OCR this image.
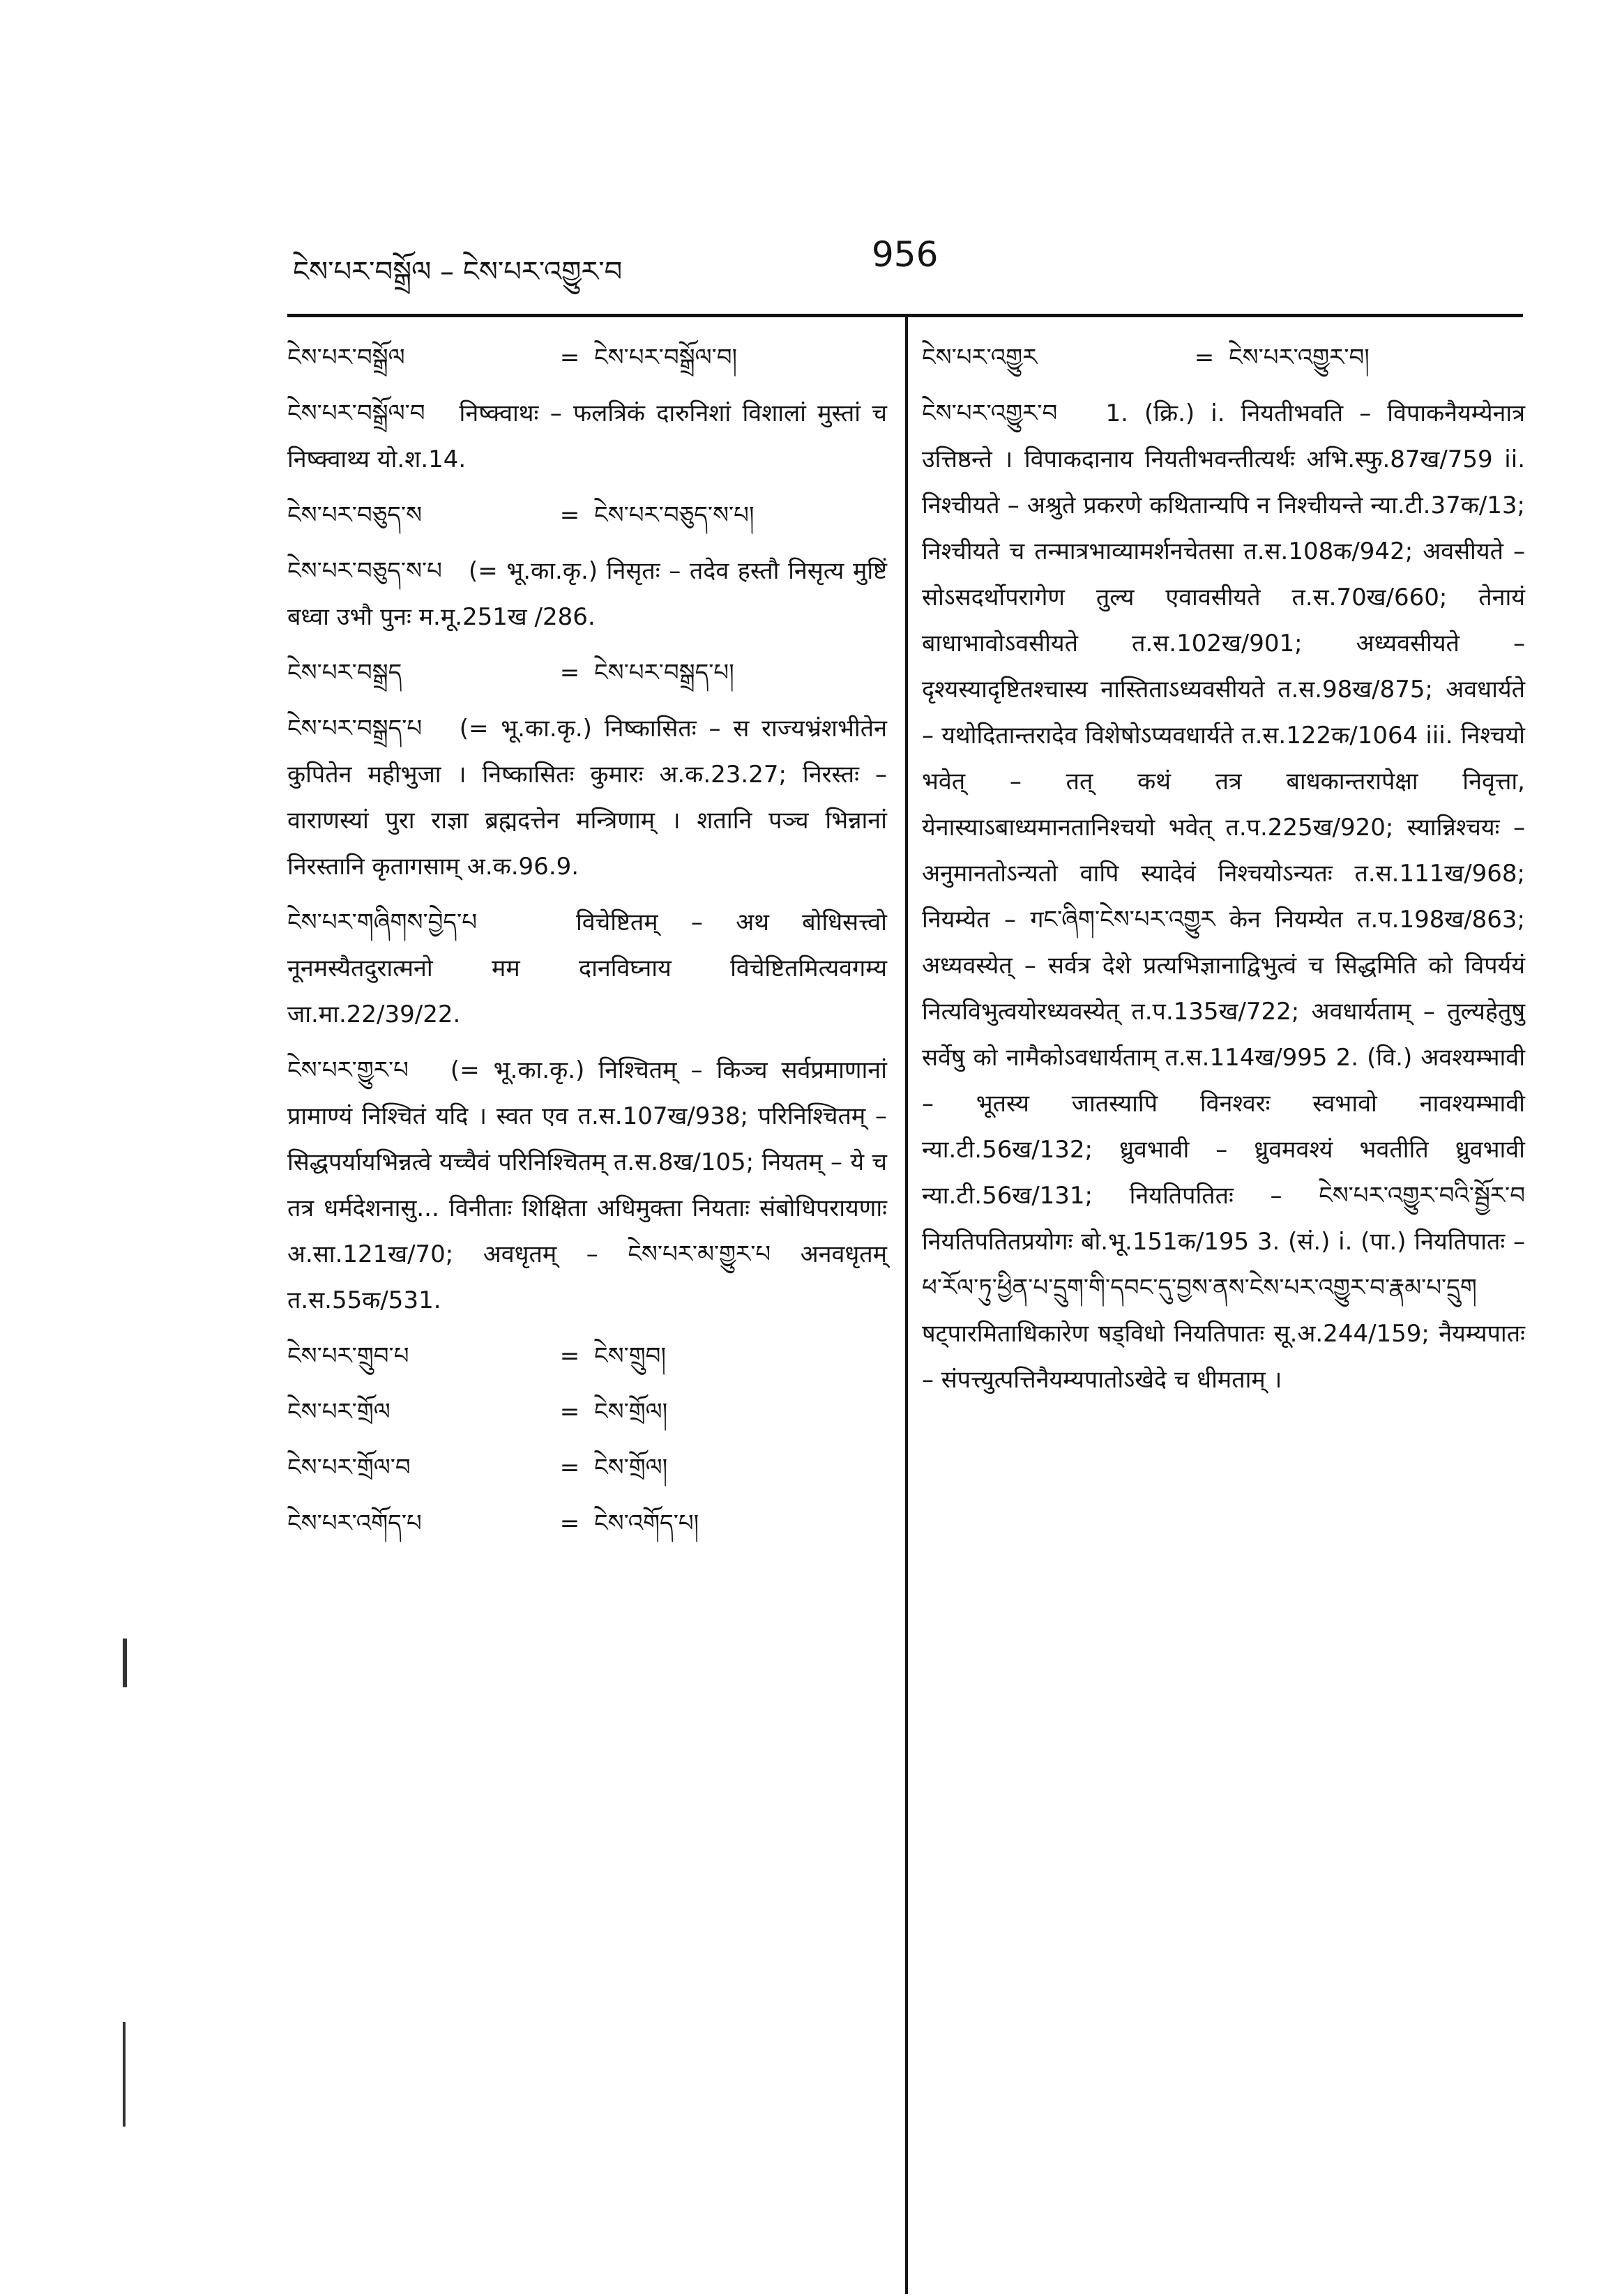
ངེས་པར་བསྒྲོལ – ངེས་པར་འགྱུར་བ	956
ངེས་པར་བསྒྲོལ	= ངེས་པར་བསྒྲོལ་བ།
ངེས་པར་བསྒྲོལ་བ निष्क्वाथः – फलत्रिकं दारुनिशां विशालां मुस्तां च निष्क्वाथ्य यो.श.14.
ངེས་པར་བཅུད་ས	= ངེས་པར་བཅུད་ས་པ།
ངེས་པར་བཅུད་ས་པ (= भू.का.कृ.) निसृतः – तदेव हस्तौ निसृत्य मुष्टिं बध्वा उभौ पुनः म.मू.251ख /286.
ངེས་པར་བསྒྲད	= ངེས་པར་བསྒྲད་པ།
ངེས་པར་བསྒྲད་པ (= भू.का.कृ.) निष्कासितः – स राज्यभ्रंशभीतेन कुपितेन महीभुजा । निष्कासितः कुमारः अ.क.23.27; निरस्तः – वाराणस्यां पुरा राज्ञा ब्रह्मदत्तेन मन्त्रिणाम् । शतानि पञ्च भिन्नानां निरस्तानि कृतागसाम् अ.क.96.9.
ངེས་པར་གཞིགས་བྱེད་པ	विचेष्टितम् – अथ बोधिसत्त्वो नूनमस्यैतदुरात्मनो मम दानविघ्नाय विचेष्टितमित्यवगम्य जा.मा.22/39/22.
ངེས་པར་གྱུར་པ (= भू.का.कृ.) निश्चितम् – किञ्च सर्वप्रमाणानां प्रामाण्यं निश्चितं यदि । स्वत एव त.स.107ख/938; परिनिश्चितम् – सिद्धपर्यायभिन्नत्वे यच्चैवं परिनिश्चितम् त.स.8ख/105; नियतम् – ये च तत्र धर्मदेशनासु... विनीताः शिक्षिता अधिमुक्ता नियताः संबोधिपरायणाः अ.सा.121ख/70; अवधृतम् – ངེས་པར་མ་གྱུར་པ अनवधृतम् त.स.55क/531.
ངེས་པར་གྲུབ་པ	= ངེས་གྲུབ།
ངེས་པར་གྲོལ	= ངེས་གྲོལ།
ངེས་པར་གྲོལ་བ	= ངེས་གྲོལ།
ངེས་པར་འགོད་པ	= ངེས་འགོད་པ།
ངེས་པར་འགྱུར	= ངེས་པར་འགྱུར་བ།
ངེས་པར་འགྱུར་བ 1. (क्रि.) i. नियतीभवति – विपाकनैयम्येनात्र उत्तिष्ठन्ते । विपाकदानाय नियतीभवन्तीत्यर्थः अभि.स्फु.87ख/759 ii. निश्चीयते – अश्रुते प्रकरणे कथितान्यपि न निश्चीयन्ते न्या.टी.37क/13; निश्चीयते च तन्मात्रभाव्यामर्शनचेतसा त.स.108क/942; अवसीयते – सोऽसदर्थोपरागेण तुल्य एवावसीयते त.स.70ख/660; तेनायं बाधाभावोऽवसीयते त.स.102ख/901; अध्यवसीयते – दृश्यस्यादृष्टितश्चास्य नास्तिताऽध्यवसीयते त.स.98ख/875; अवधार्यते – यथोदितान्तरादेव विशेषोऽप्यवधार्यते त.स.122क/1064 iii. निश्चयो भवेत् – तत् कथं तत्र बाधकान्तरापेक्षा निवृत्ता, येनास्याऽबाध्यमानतानिश्चयो भवेत् त.प.225ख/920; स्यान्निश्चयः – अनुमानतोऽन्यतो वापि स्यादेवं निश्चयोऽन्यतः त.स.111ख/968; नियम्येत – गང་ཞིག་ངེས་པར་འགྱུར केन नियम्येत त.प.198ख/863; अध्यवस्येत् – सर्वत्र देशे प्रत्यभिज्ञानाद्विभुत्वं च सिद्धमिति को विपर्ययं नित्यविभुत्वयोरध्यवस्येत् त.प.135ख/722; अवधार्यताम् – तुल्यहेतुषु सर्वेषु को नामैकोऽवधार्यताम् त.स.114ख/995 2. (वि.) अवश्यम्भावी – भूतस्य जातस्यापि विनश्वरः स्वभावो नावश्यम्भावी न्या.टी.56ख/132; ध्रुवभावी – ध्रुवमवश्यं भवतीति ध्रुवभावी न्या.टी.56ख/131; नियतिपतितः – ངེས་པར་འགྱུར་བའི་སྦྱོར་བ नियतिपतितप्रयोगः बो.भू.151क/195 3. (सं.) i. (पा.) नियतिपातः – ཕ་རོལ་ཏུ་ཕྱིན་པ་དྲུག་གི་དབང་དུ་བྱས་ནས་ངེས་པར་འགྱུར་བ་རྣམ་པ་དྲུག षट्पारमिताधिकारेण षड्विधो नियतिपातः सू.अ.244/159; नैयम्यपातः – संपत्त्युत्पत्तिनैयम्यपातोऽखेदे च धीमताम् ।
